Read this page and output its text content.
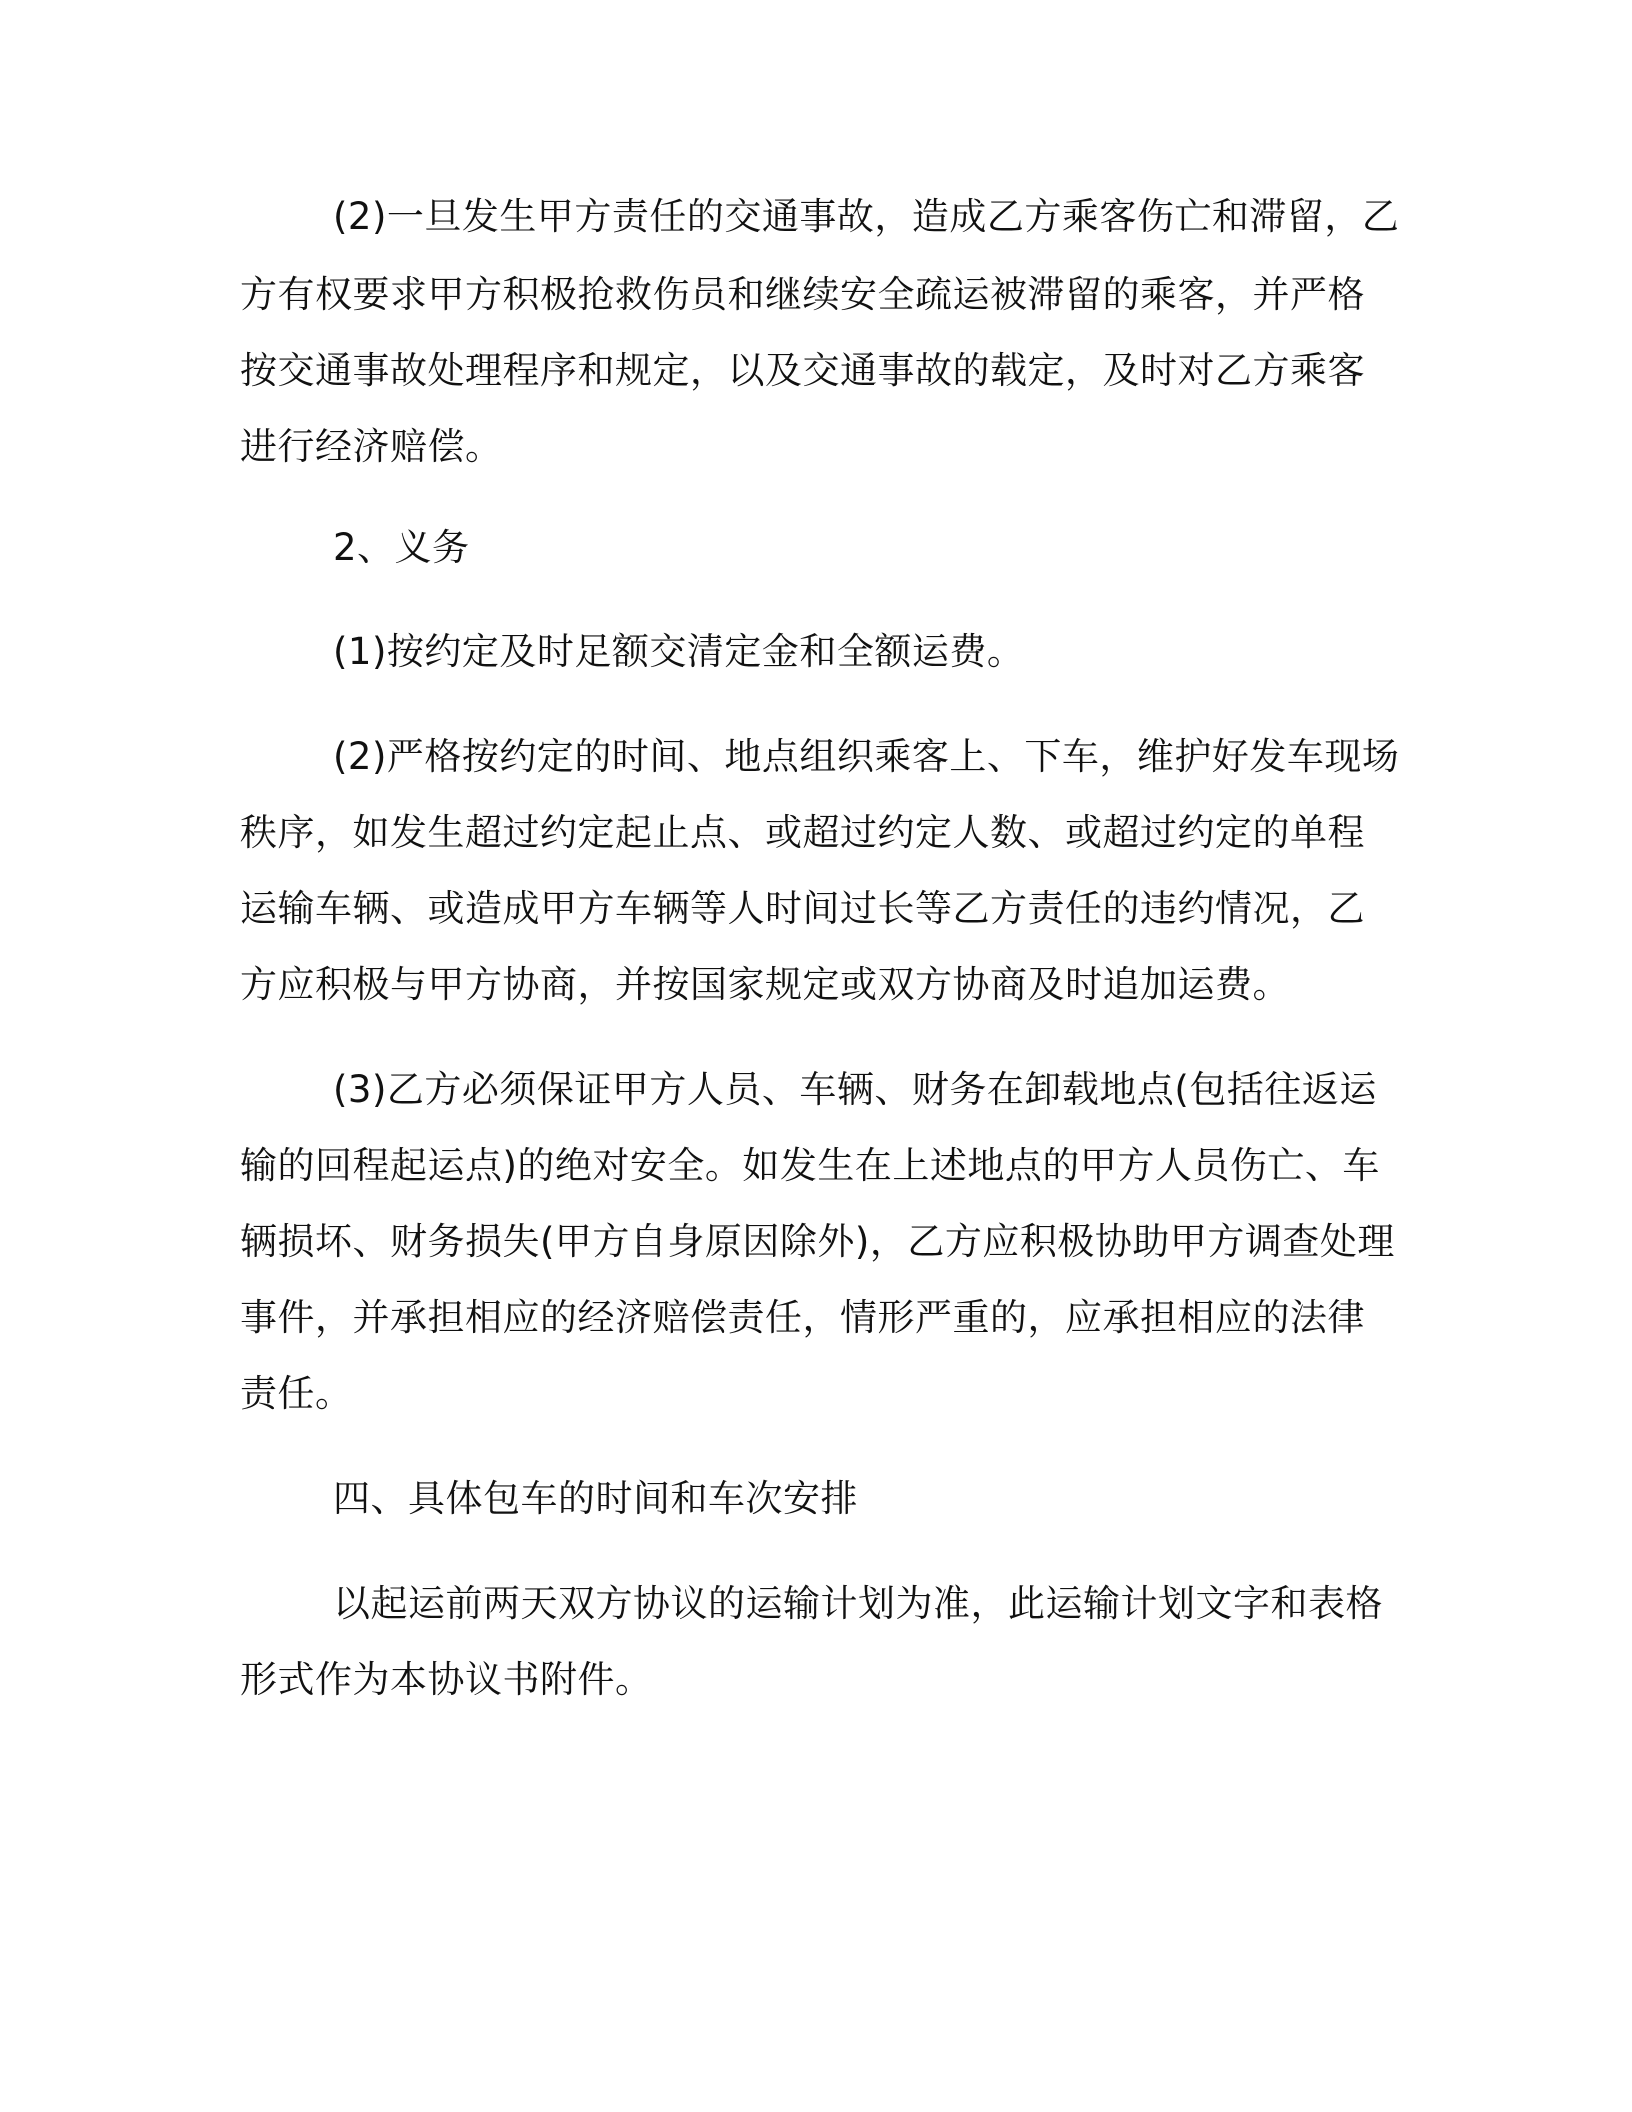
(2)一旦发生甲方责任的交通事故，造成乙方乘客伤亡和滞留，乙
方有权要求甲方积极抢救伤员和继续安全疏运被滞留的乘客，并严格
按交通事故处理程序和规定，以及交通事故的载定，及时对乙方乘客
进行经济赔偿。
2、义务
(1)按约定及时足额交清定金和全额运费。
(2)严格按约定的时间、地点组织乘客上、下车，维护好发车现场
秩序，如发生超过约定起止点、或超过约定人数、或超过约定的单程
运输车辆、或造成甲方车辆等人时间过长等乙方责任的违约情况，乙
方应积极与甲方协商，并按国家规定或双方协商及时追加运费。
(3)乙方必须保证甲方人员、车辆、财务在卸载地点(包括往返运
输的回程起运点)的绝对安全。如发生在上述地点的甲方人员伤亡、车
辆损坏、财务损失(甲方自身原因除外)，乙方应积极协助甲方调查处理
事件，并承担相应的经济赔偿责任，情形严重的，应承担相应的法律
责任。
四、具体包车的时间和车次安排
以起运前两天双方协议的运输计划为准，此运输计划文字和表格
形式作为本协议书附件。
